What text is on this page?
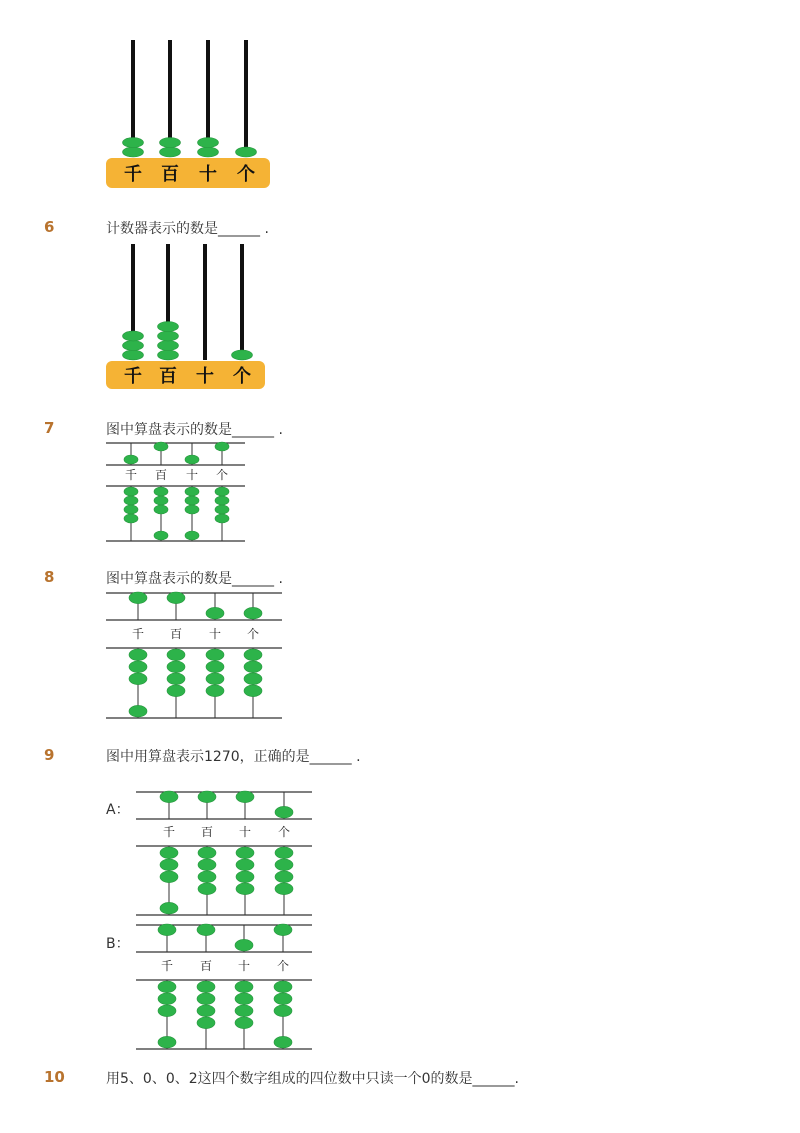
千 百 十 个
千 百 十 个
千 百 十 个
千 百 十 个
千 百 十 个
千 百 十 个
6	计数器表示的数是______ .
7	图中算盘表示的数是______ .
8	图中算盘表示的数是______ .
9	图中用算盘表示1270，正确的是______ .
A：
B：
10	用5、0、0、2这四个数字组成的四位数中只读一个0的数是______.
